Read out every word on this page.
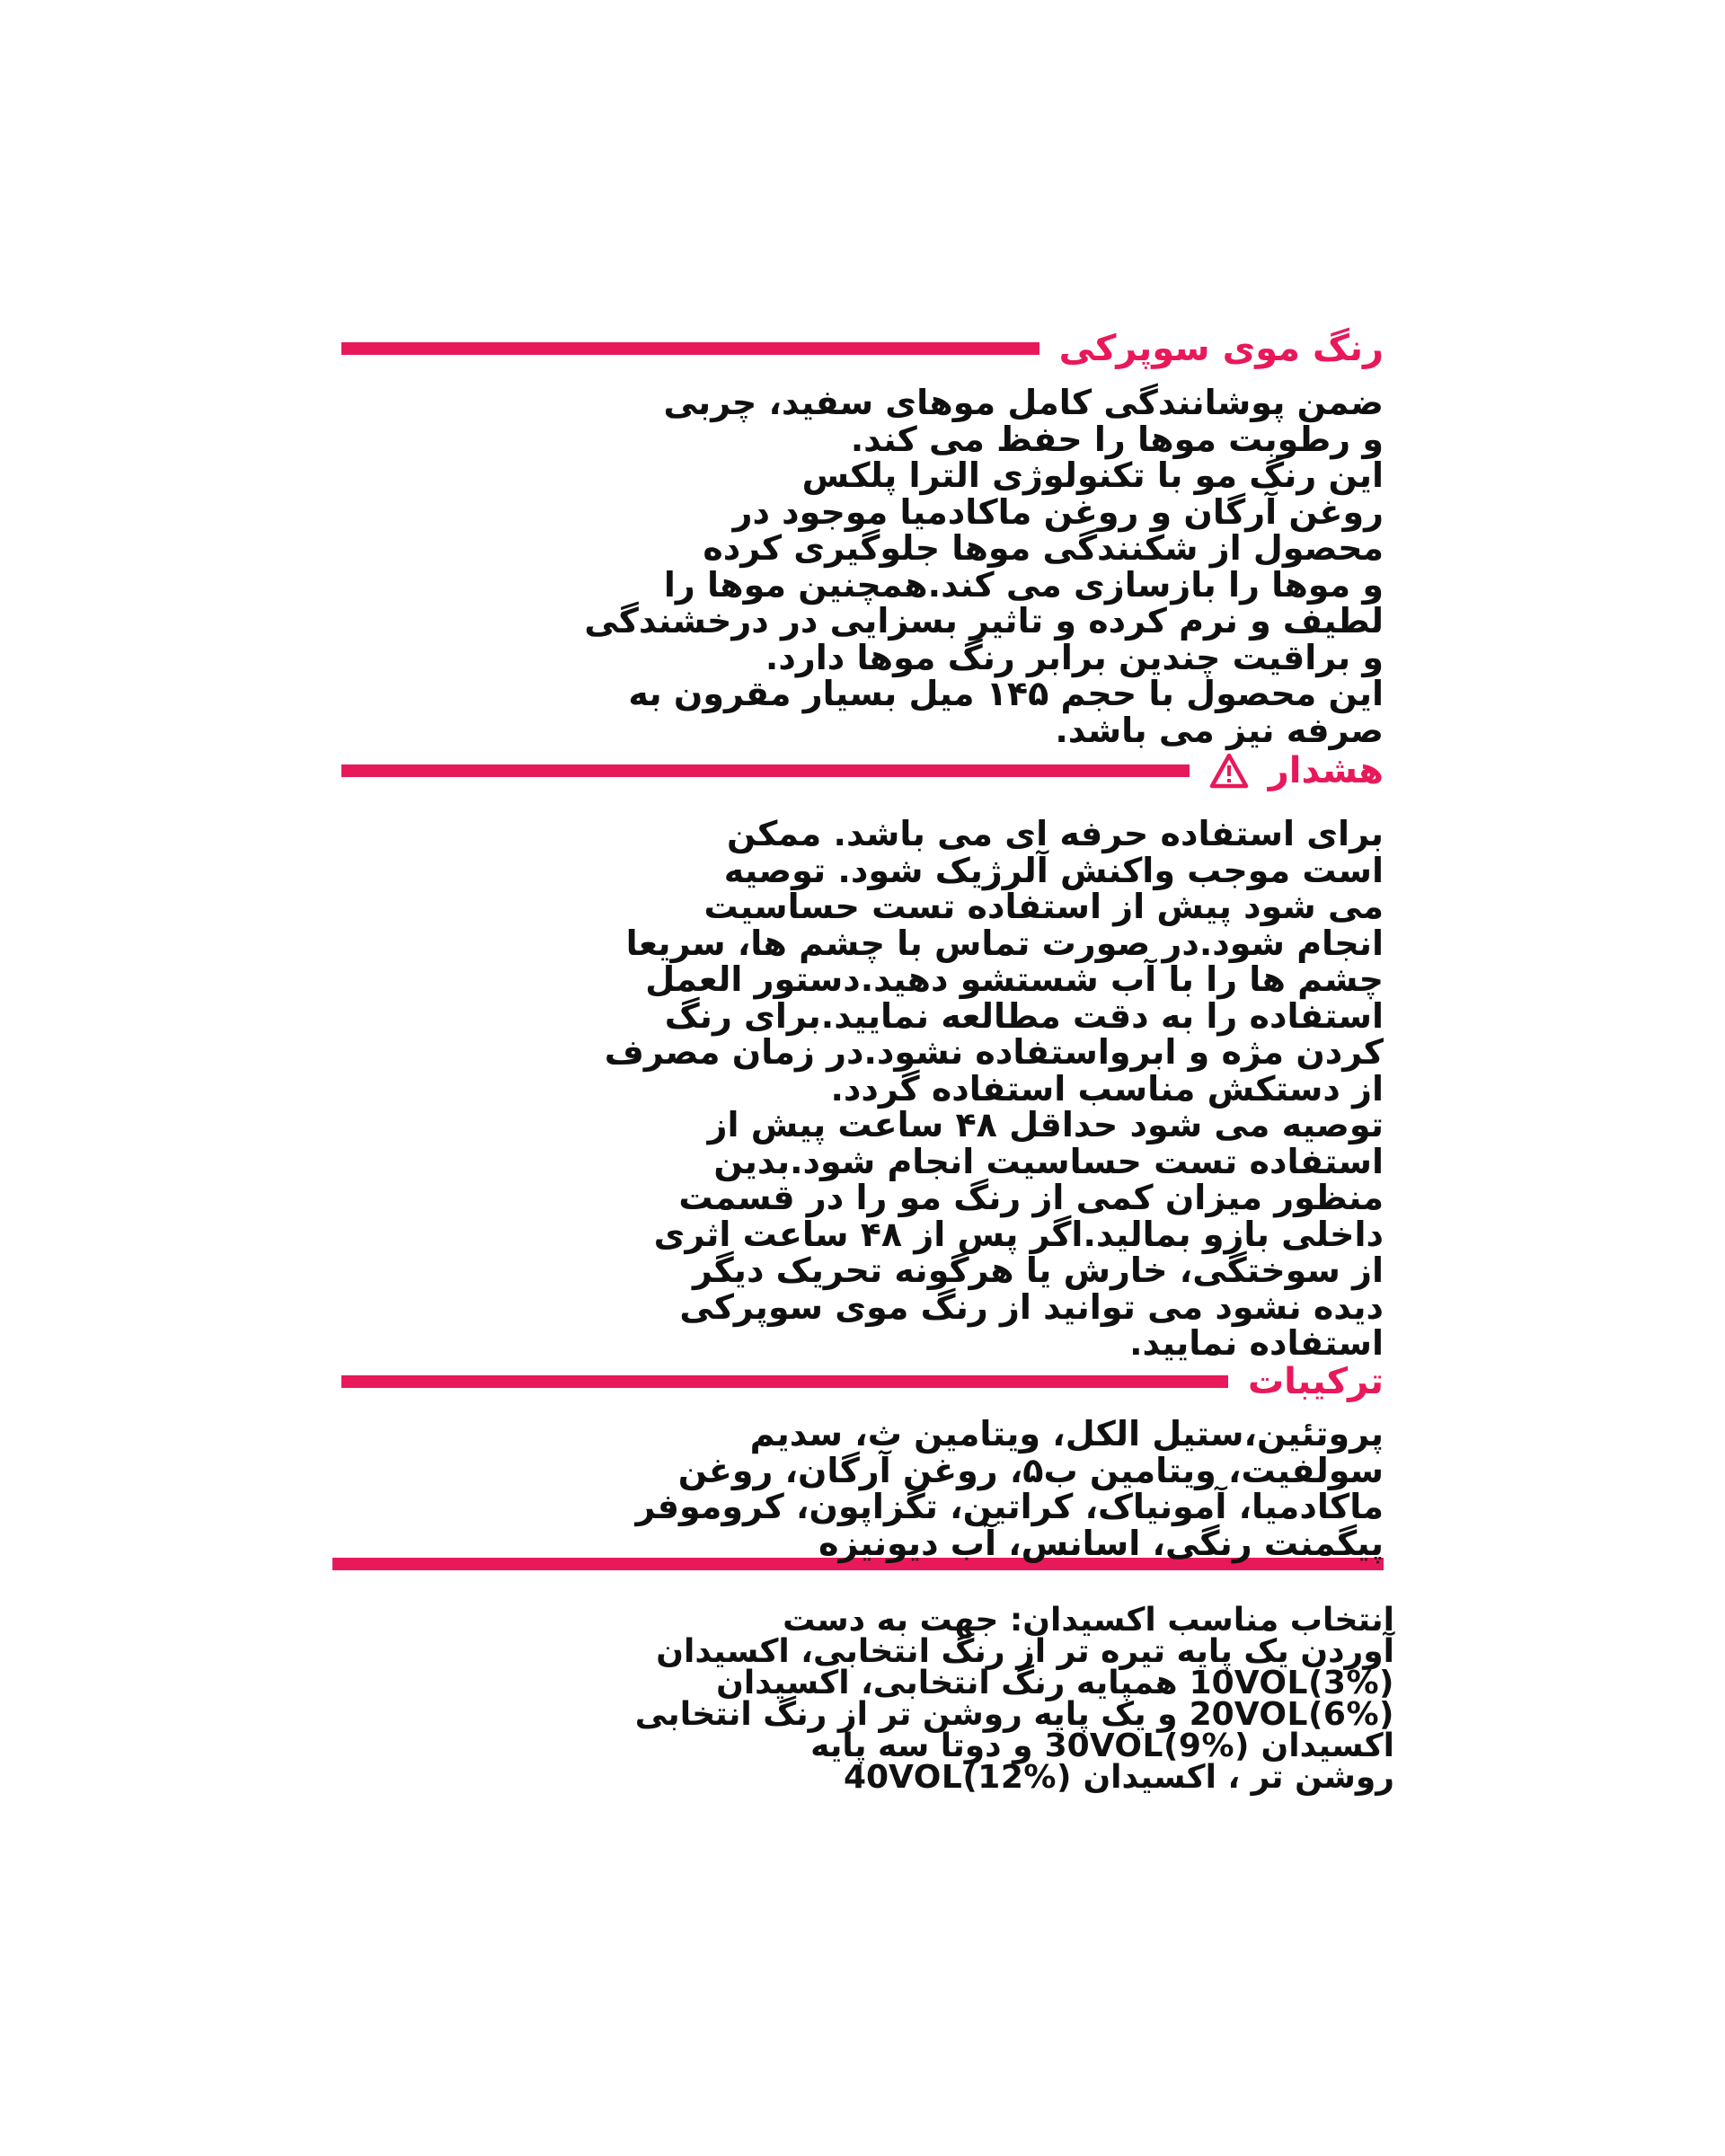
رنگ موی سوپرکی

ضمن پوشانندگی کامل موهای سفید، چربی
و رطوبت موها را حفظ می کند.
این رنگ مو با تکنولوژی الترا پلکس
روغن آرگان و روغن ماکادمیا موجود در
محصول از شکنندگی موها جلوگیری کرده
و موها را بازسازی می کند.همچنین موها را
لطیف و نرم کرده و تاثیر بسزایی در درخشندگی
و براقیت چندین برابر رنگ موها دارد.
این محصول با حجم ۱۴۵ میل بسیار مقرون به
صرفه نیز می باشد.

هشدار

برای استفاده حرفه ای می باشد. ممکن
است موجب واکنش آلرژیک شود. توصیه
می شود پیش از استفاده تست حساسیت
انجام شود.در صورت تماس با چشم ها، سریعا
چشم ها را با آب شستشو دهید.دستور العمل
استفاده را به دقت مطالعه نمایید.برای رنگ
کردن مژه و ابرواستفاده نشود.در زمان مصرف
از دستکش مناسب استفاده گردد.
توصیه می شود حداقل ۴۸ ساعت پیش از
استفاده تست حساسیت انجام شود.بدین
منظور میزان کمی از رنگ مو را در قسمت
داخلی بازو بمالید.اگر پس از ۴۸ ساعت اثری
از سوختگی، خارش یا هرگونه تحریک دیگر
دیده نشود می توانید از رنگ موی سوپرکی
استفاده نمایید.

ترکیبات

پروتئین،ستیل الکل، ویتامین ث، سدیم
سولفیت، ویتامین ب۵، روغن آرگان، روغن
ماکادمیا، آمونیاک، کراتین، تگزاپون، کروموفر
پیگمنت رنگی، اسانس، آب دیونیزه

انتخاب مناسب اکسیدان: جهت به دست
آوردن یک پایه تیره تر از رنگ انتخابی، اکسیدان
10VOL(3%) همپایه رنگ انتخابی، اکسیدان
20VOL(6%) و یک پایه روشن تر از رنگ انتخابی
اکسیدان 30VOL(9%) و دوتا سه پایه
روشن تر ، اکسیدان 40VOL(12%)
